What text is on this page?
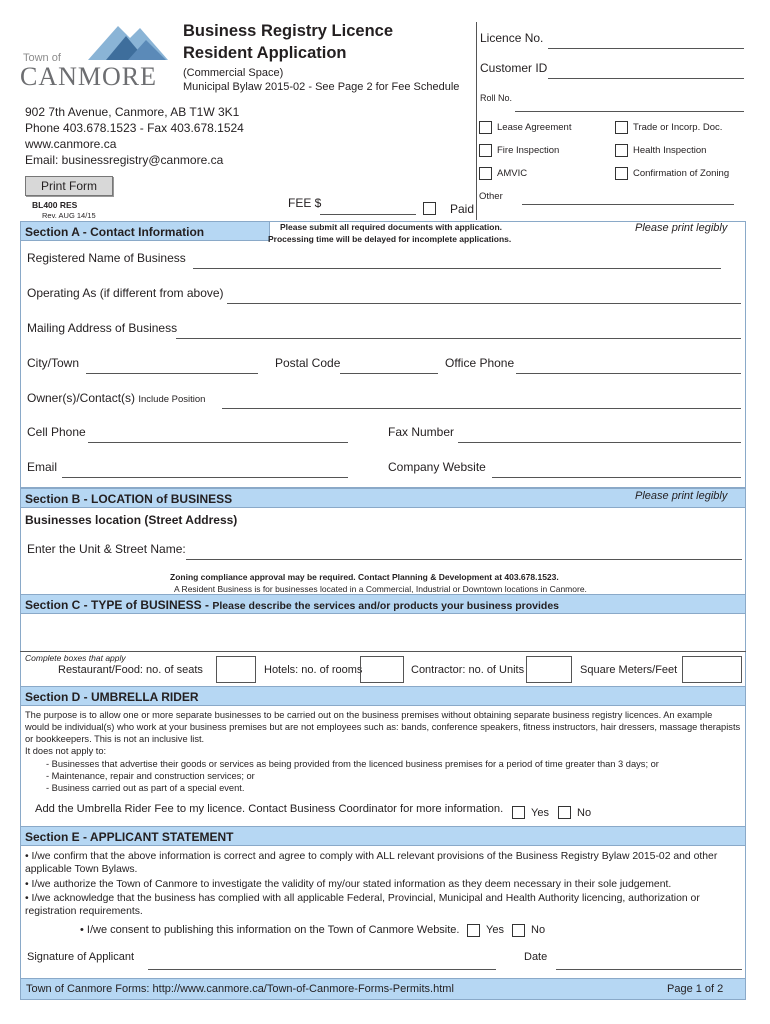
Town of
CANMORE
Business Registry Licence
Resident Application
(Commercial Space)
Municipal Bylaw 2015-02 - See Page 2 for Fee Schedule
902 7th Avenue, Canmore, AB T1W 3K1
Phone 403.678.1523 - Fax 403.678.1524
www.canmore.ca
Email: businessregistry@canmore.ca
Print Form
BL400 RES
Rev. AUG 14/15
FEE $	Paid
Licence No.
Customer ID
Roll No.
Lease Agreement	Trade or Incorp. Doc.
Fire Inspection	Health Inspection
AMVIC	Confirmation of Zoning
Other
Section A - Contact Information	Please submit all required documents with application.
Processing time will be delayed for incomplete applications.
Please print legibly
Registered Name of Business
Operating As (if different from above)
Mailing Address of Business
City/Town	Postal Code	Office Phone
Owner(s)/Contact(s) Include Position
Cell Phone	Fax Number
Email	Company Website
Section B - LOCATION of BUSINESS	Please print legibly
Businesses location (Street Address)
Enter the Unit & Street Name:
Zoning compliance approval may be required. Contact Planning & Development at 403.678.1523.
A Resident Business is for businesses located in a Commercial, Industrial or Downtown locations in Canmore.
Section C - TYPE of BUSINESS - Please describe the services and/or products your business provides
Complete boxes that apply
Restaurant/Food: no. of seats	Hotels: no. of rooms	Contractor: no. of Units	Square Meters/Feet
Section D - UMBRELLA RIDER
The purpose is to allow one or more separate businesses to be carried out on the business premises without obtaining separate business registry licences. An example
would be individual(s) who work at your business premises but are not employees such as: bands, conference speakers, fitness instructors, hair dressers, massage therapists
or bookkeepers. This is not an inclusive list.
It does not apply to:
- Businesses that advertise their goods or services as being provided from the licenced business premises for a period of time greater than 3 days; or
- Maintenance, repair and construction services; or
- Business carried out as part of a special event.
Add the Umbrella Rider Fee to my licence. Contact Business Coordinator for more information.	Yes	No
Section E - APPLICANT STATEMENT
• I/we confirm that the above information is correct and agree to comply with ALL relevant provisions of the Business Registry Bylaw 2015-02 and other
applicable Town Bylaws.
• I/we authorize the Town of Canmore to investigate the validity of my/our stated information as they deem necessary in their sole judgement.
• I/we acknowledge that the business has complied with all applicable Federal, Provincial, Municipal and Health Authority licencing, authorization or
registration requirements.
• I/we consent to publishing this information on the Town of Canmore Website. Yes No
Signature of Applicant	Date
Town of Canmore Forms: http://www.canmore.ca/Town-of-Canmore-Forms-Permits.html	Page 1 of 2
